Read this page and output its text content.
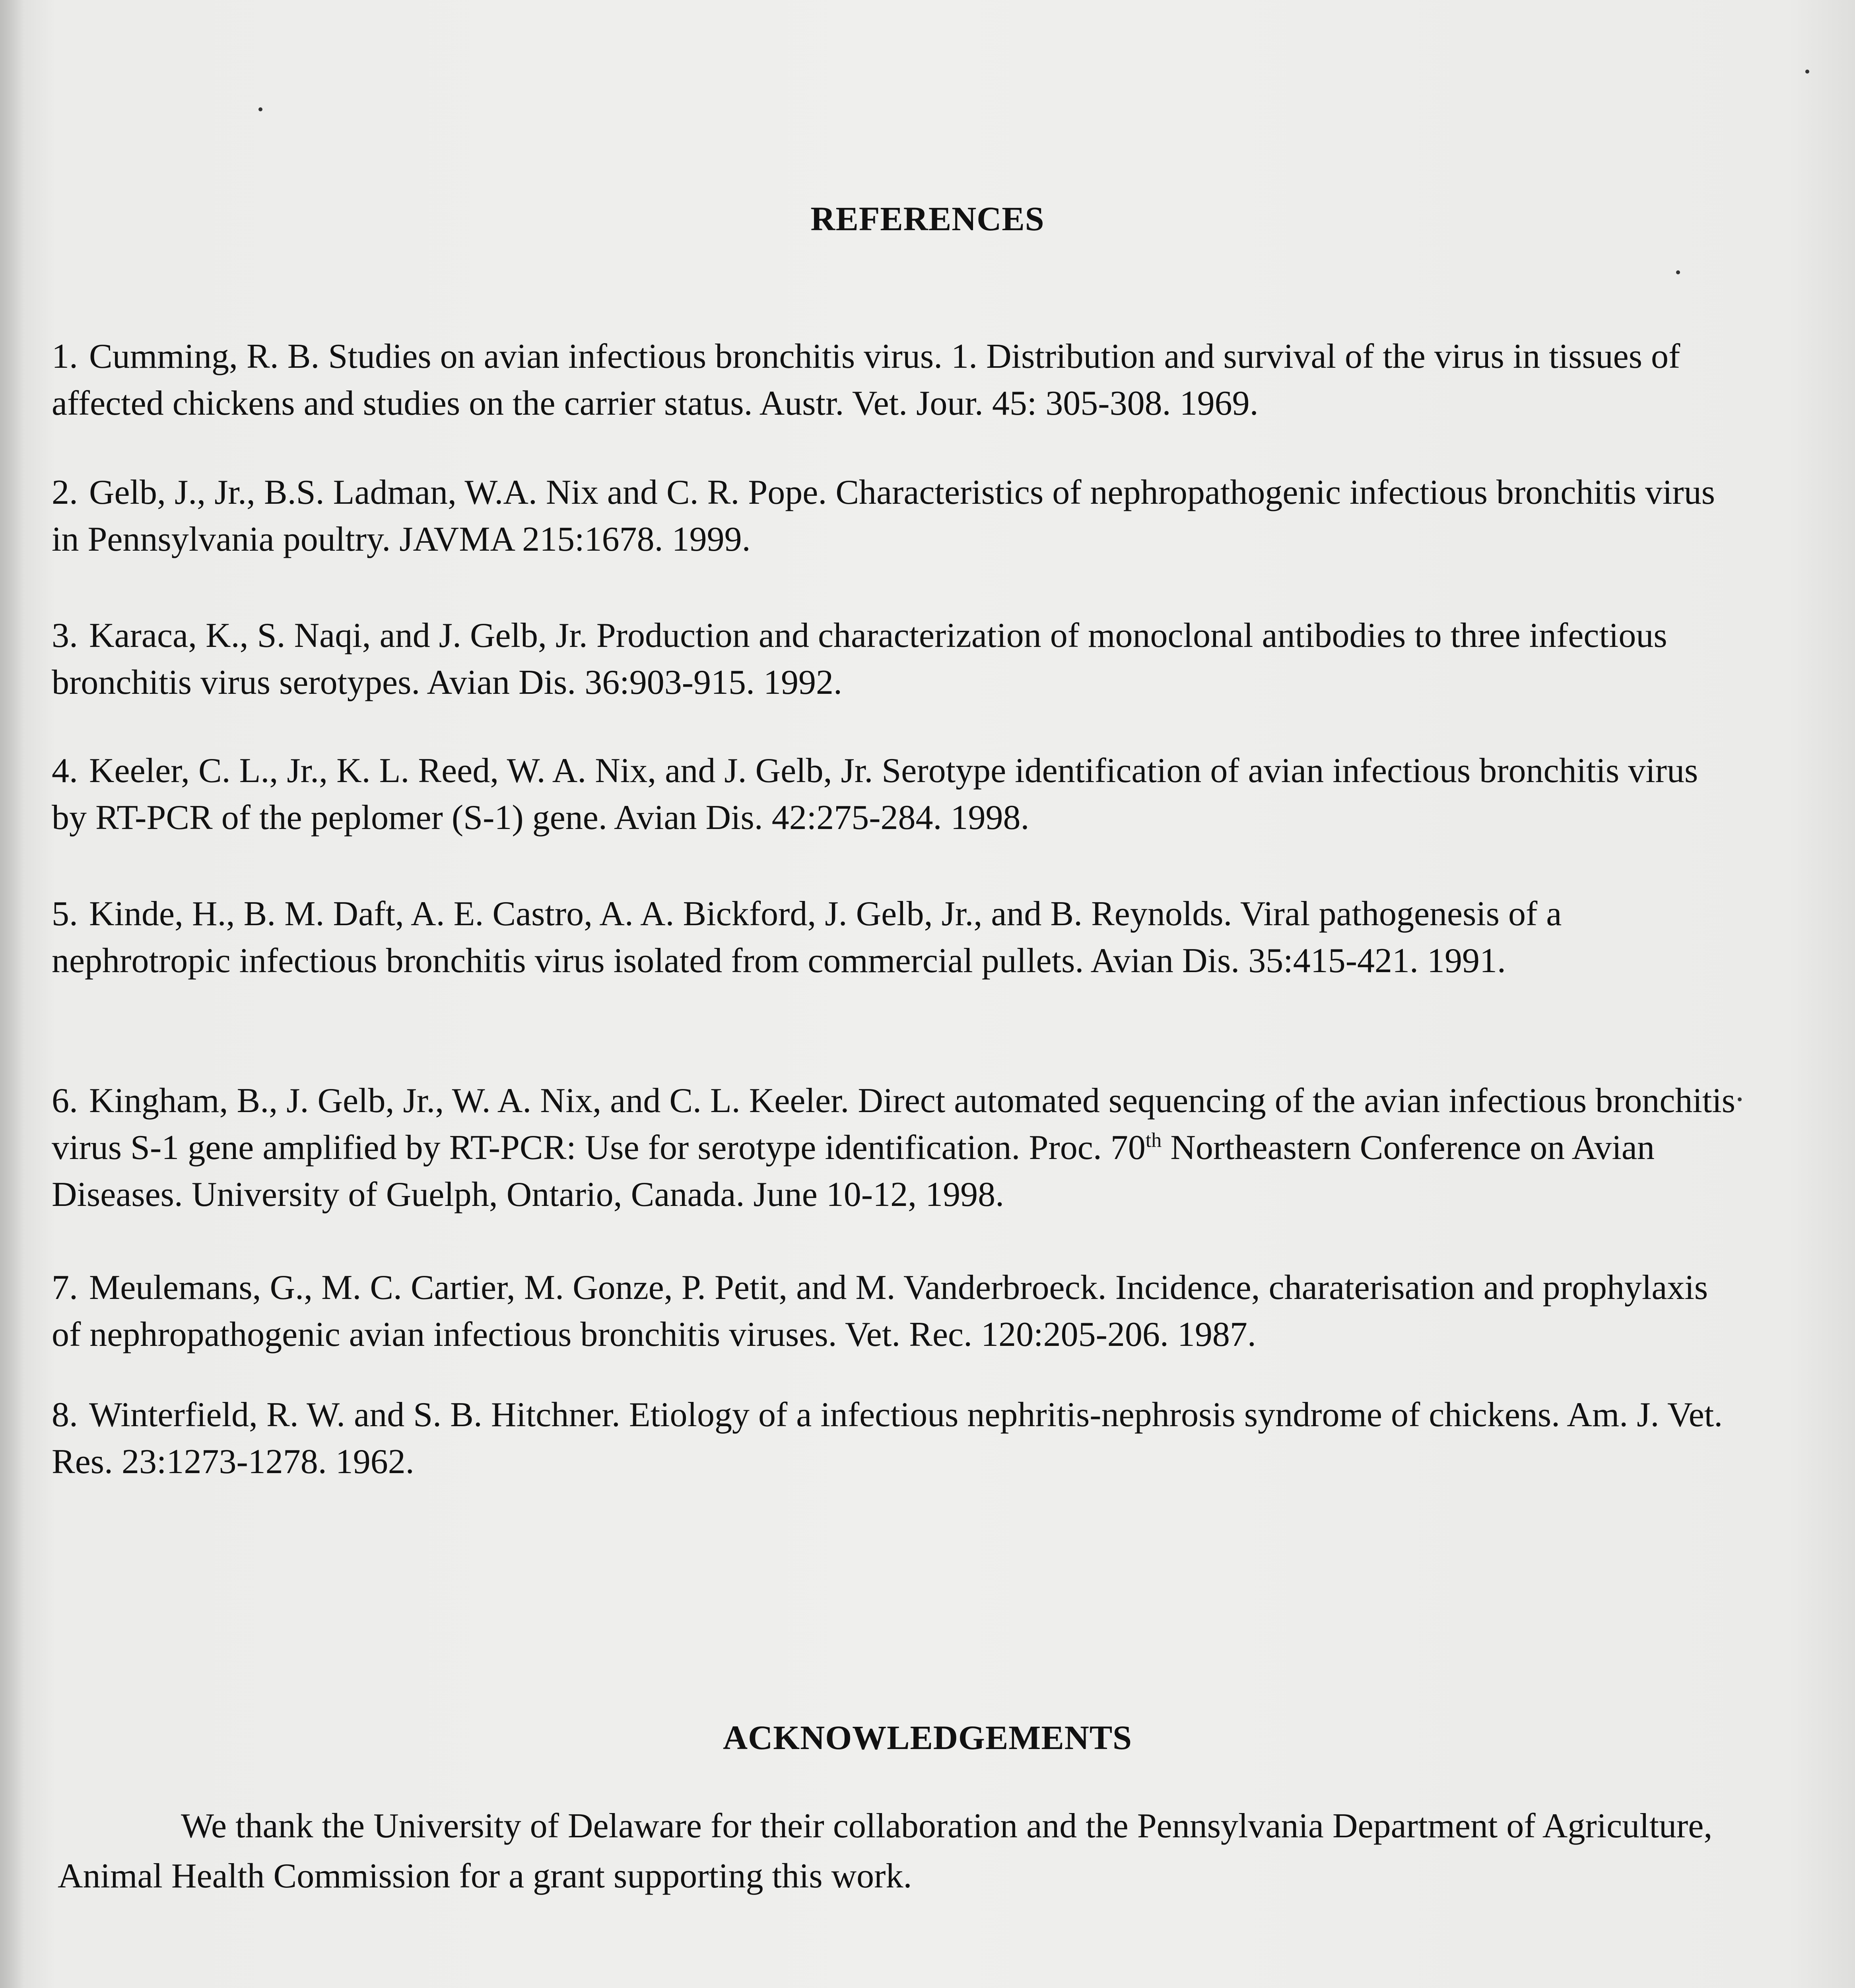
REFERENCES
1. Cumming, R. B. Studies on avian infectious bronchitis virus. 1. Distribution and survival of the virus in tissues of affected chickens and studies on the carrier status. Austr. Vet. Jour. 45: 305-308. 1969.
2. Gelb, J., Jr., B.S. Ladman, W.A. Nix and C. R. Pope. Characteristics of nephropathogenic infectious bronchitis virus in Pennsylvania poultry. JAVMA 215:1678. 1999.
3. Karaca, K., S. Naqi, and J. Gelb, Jr. Production and characterization of monoclonal antibodies to three infectious bronchitis virus serotypes. Avian Dis. 36:903-915. 1992.
4. Keeler, C. L., Jr., K. L. Reed, W. A. Nix, and J. Gelb, Jr. Serotype identification of avian infectious bronchitis virus by RT-PCR of the peplomer (S-1) gene. Avian Dis. 42:275-284. 1998.
5. Kinde, H., B. M. Daft, A. E. Castro, A. A. Bickford, J. Gelb, Jr., and B. Reynolds. Viral pathogenesis of a nephrotropic infectious bronchitis virus isolated from commercial pullets. Avian Dis. 35:415-421. 1991.
6. Kingham, B., J. Gelb, Jr., W. A. Nix, and C. L. Keeler. Direct automated sequencing of the avian infectious bronchitis virus S-1 gene amplified by RT-PCR: Use for serotype identification. Proc. 70th Northeastern Conference on Avian Diseases. University of Guelph, Ontario, Canada. June 10-12, 1998.
7. Meulemans, G., M. C. Cartier, M. Gonze, P. Petit, and M. Vanderbroeck. Incidence, charaterisation and prophylaxis of nephropathogenic avian infectious bronchitis viruses. Vet. Rec. 120:205-206. 1987.
8. Winterfield, R. W. and S. B. Hitchner. Etiology of a infectious nephritis-nephrosis syndrome of chickens. Am. J. Vet. Res. 23:1273-1278. 1962.
ACKNOWLEDGEMENTS
We thank the University of Delaware for their collaboration and the Pennsylvania Department of Agriculture, Animal Health Commission for a grant supporting this work.
